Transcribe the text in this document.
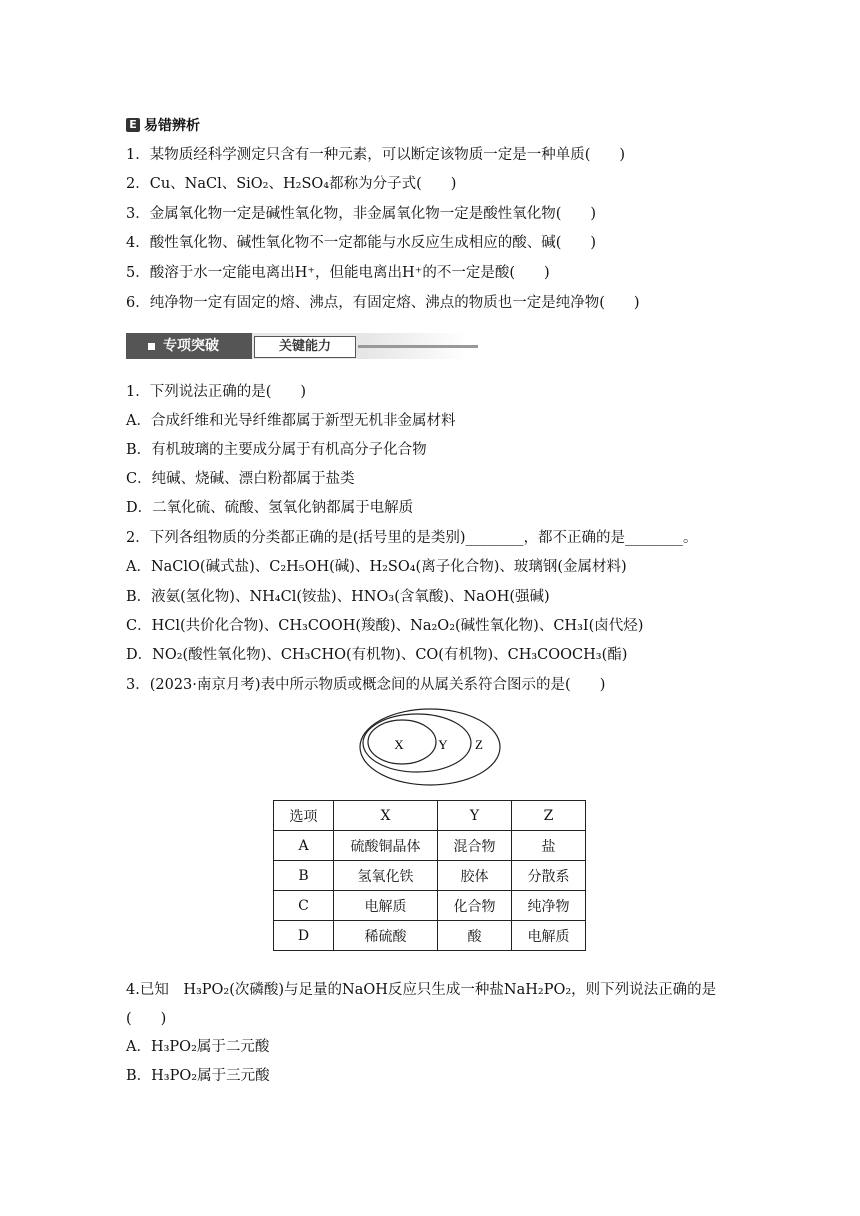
E 易错辨析
1．某物质经科学测定只含有一种元素，可以断定该物质一定是一种单质(　　)
2．Cu、NaCl、SiO₂、H₂SO₄都称为分子式(　　)
3．金属氧化物一定是碱性氧化物，非金属氧化物一定是酸性氧化物(　　)
4．酸性氧化物、碱性氧化物不一定都能与水反应生成相应的酸、碱(　　)
5．酸溶于水一定能电离出H⁺，但能电离出H⁺的不一定是酸(　　)
6．纯净物一定有固定的熔、沸点，有固定熔、沸点的物质也一定是纯净物(　　)
专项突破	关键能力
1．下列说法正确的是(　　)
A．合成纤维和光导纤维都属于新型无机非金属材料
B．有机玻璃的主要成分属于有机高分子化合物
C．纯碱、烧碱、漂白粉都属于盐类
D．二氧化硫、硫酸、氢氧化钠都属于电解质
2．下列各组物质的分类都正确的是(括号里的是类别)________，都不正确的是________。
A．NaClO(碱式盐)、C₂H₅OH(碱)、H₂SO₄(离子化合物)、玻璃钢(金属材料)
B．液氨(氢化物)、NH₄Cl(铵盐)、HNO₃(含氧酸)、NaOH(强碱)
C．HCl(共价化合物)、CH₃COOH(羧酸)、Na₂O₂(碱性氧化物)、CH₃I(卤代烃)
D．NO₂(酸性氧化物)、CH₃CHO(有机物)、CO(有机物)、CH₃COOCH₃(酯)
3．(2023·南京月考)表中所示物质或概念间的从属关系符合图示的是(　　)
X	Y Z
选项	X	Y	Z
A	硫酸铜晶体	混合物	盐
B	氢氧化铁	胶体	分散系
C	电解质	化合物	纯净物
D	稀硫酸	酸	电解质
4.已知　H₃PO₂(次磷酸)与足量的NaOH反应只生成一种盐NaH₂PO₂，则下列说法正确的是
(　　)
A．H₃PO₂属于二元酸
B．H₃PO₂属于三元酸
